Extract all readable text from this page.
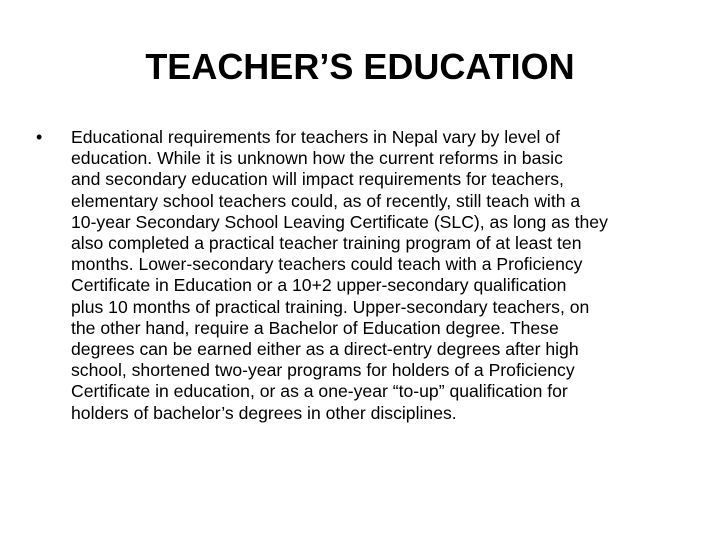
TEACHER’S EDUCATION
•	Educational requirements for teachers in Nepal vary by level of
education. While it is unknown how the current reforms in basic
and secondary education will impact requirements for teachers,
elementary school teachers could, as of recently, still teach with a
10-year Secondary School Leaving Certificate (SLC), as long as they
also completed a practical teacher training program of at least ten
months. Lower-secondary teachers could teach with a Proficiency
Certificate in Education or a 10+2 upper-secondary qualification
plus 10 months of practical training. Upper-secondary teachers, on
the other hand, require a Bachelor of Education degree. These
degrees can be earned either as a direct-entry degrees after high
school, shortened two-year programs for holders of a Proficiency
Certificate in education, or as a one-year “to-up” qualification for
holders of bachelor’s degrees in other disciplines.
